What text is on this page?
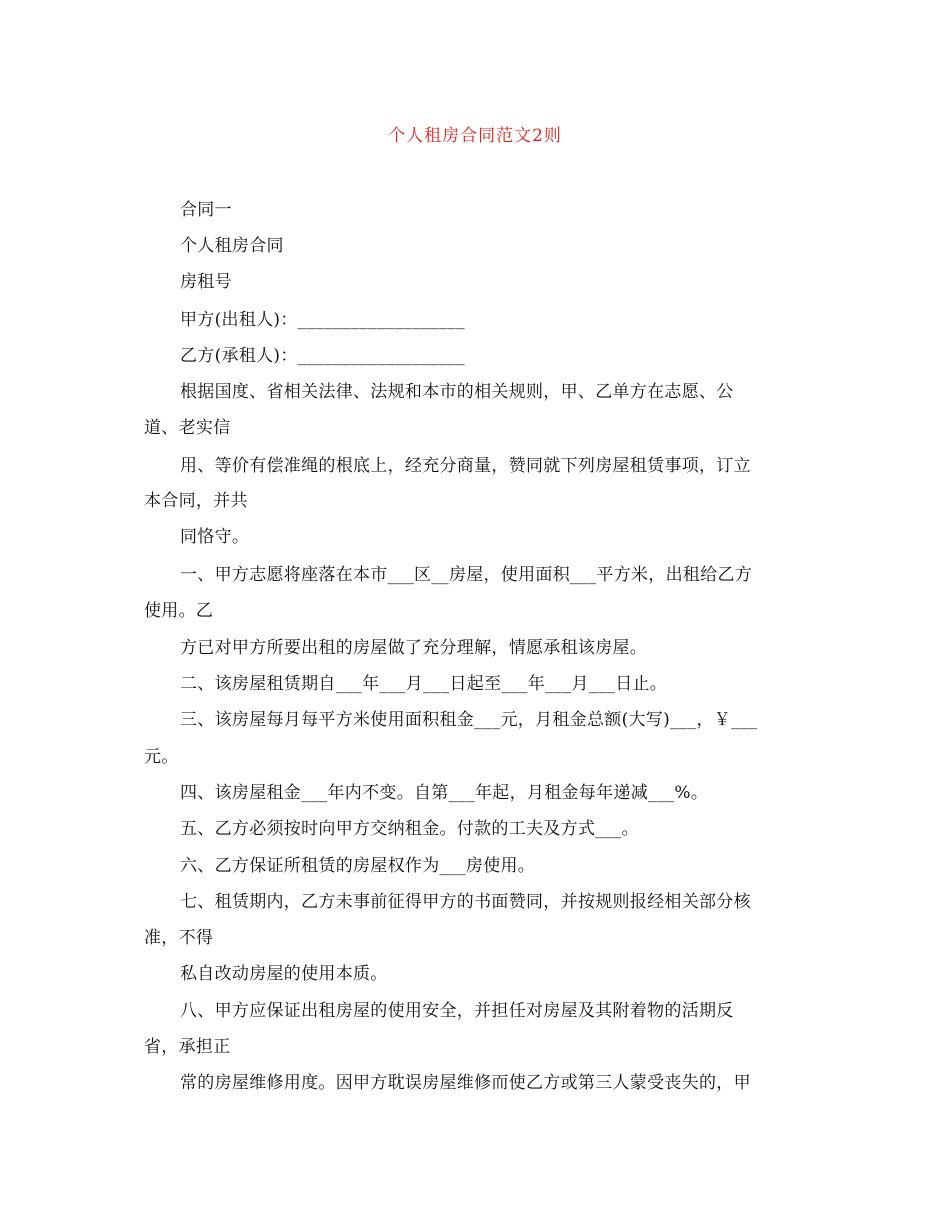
个人租房合同范文2则
合同一
个人租房合同
房租号
甲方(出租人)：___________________
乙方(承租人)：___________________
根据国度、省相关法律、法规和本市的相关规则，甲、乙单方在志愿、公
道、老实信
用、等价有偿准绳的根底上，经充分商量，赞同就下列房屋租赁事项，订立
本合同，并共
同恪守。
一、甲方志愿将座落在本市___区__房屋，使用面积___平方米，出租给乙方
使用。乙
方已对甲方所要出租的房屋做了充分理解，情愿承租该房屋。
二、该房屋租赁期自___年___月___日起至___年___月___日止。
三、该房屋每月每平方米使用面积租金___元，月租金总额(大写)___，￥___
元。
四、该房屋租金___年内不变。自第___年起，月租金每年递减___%。
五、乙方必须按时向甲方交纳租金。付款的工夫及方式___。
六、乙方保证所租赁的房屋权作为___房使用。
七、租赁期内，乙方未事前征得甲方的书面赞同，并按规则报经相关部分核
准，不得
私自改动房屋的使用本质。
八、甲方应保证出租房屋的使用安全，并担任对房屋及其附着物的活期反
省，承担正
常的房屋维修用度。因甲方耽误房屋维修而使乙方或第三人蒙受丧失的，甲
